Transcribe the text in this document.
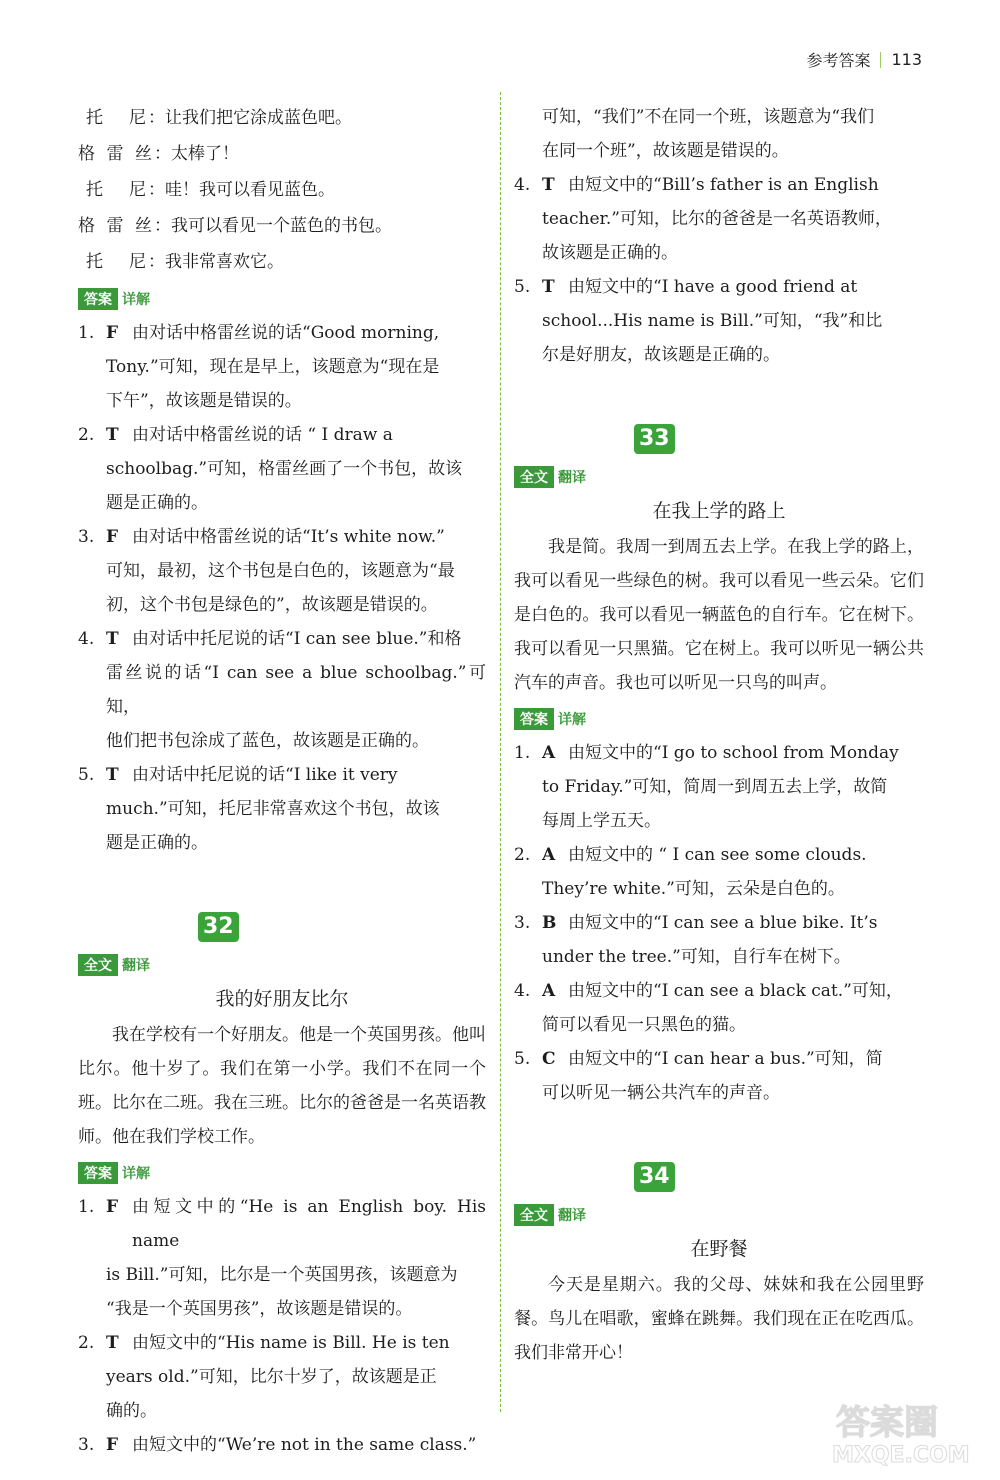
参考答案 113
托尼 ：让我们把它涂成蓝色吧。
格雷丝 ：太棒了！
托尼 ：哇！我可以看见蓝色。
格雷丝 ：我可以看见一个蓝色的书包。
托尼 ：我非常喜欢它。
答案 详解
1. F 由对话中格雷丝说的话“Good morning,
Tony.”可知，现在是早上，该题意为“现在是
下午”，故该题是错误的。
2. T 由对话中格雷丝说的话 “ I draw a
schoolbag.”可知，格雷丝画了一个书包，故该
题是正确的。
3. F 由对话中格雷丝说的话“It’s white now.”
可知，最初，这个书包是白色的，该题意为“最
初，这个书包是绿色的”，故该题是错误的。
4. T 由对话中托尼说的话“I can see blue.”和格
雷丝说的话“I can see a blue schoolbag.”可知，
他们把书包涂成了蓝色，故该题是正确的。
5. T 由对话中托尼说的话“I like it very
much.”可知，托尼非常喜欢这个书包，故该
题是正确的。
32
全文 翻译
我的好朋友比尔

我在学校有一个好朋友。他是一个英国男孩。他叫比尔。他十岁了。我们在第一小学。我们不在同一个班。比尔在二班。我在三班。比尔的爸爸是一名英语教师。他在我们学校工作。

答案 详解
1. F 由短文中的“He is an English boy. His name
is Bill.”可知，比尔是一个英国男孩，该题意为
“我是一个英国男孩”，故该题是错误的。
2. T 由短文中的“His name is Bill. He is ten
years old.”可知，比尔十岁了，故该题是正
确的。
3. F 由短文中的“We’re not in the same class.”
可知，“我们”不在同一个班，该题意为“我们
在同一个班”，故该题是错误的。
4. T 由短文中的“Bill’s father is an English
teacher.”可知，比尔的爸爸是一名英语教师，
故该题是正确的。
5. T 由短文中的“I have a good friend at
school...His name is Bill.”可知，“我”和比
尔是好朋友，故该题是正确的。
33
全文 翻译
在我上学的路上

我是简。我周一到周五去上学。在我上学的路上，我可以看见一些绿色的树。我可以看见一些云朵。它们是白色的。我可以看见一辆蓝色的自行车。它在树下。我可以看见一只黑猫。它在树上。我可以听见一辆公共汽车的声音。我也可以听见一只鸟的叫声。

答案 详解
1. A 由短文中的“I go to school from Monday
to Friday.”可知，简周一到周五去上学，故简
每周上学五天。
2. A 由短文中的 “ I can see some clouds.
They’re white.”可知，云朵是白色的。
3. B 由短文中的“I can see a blue bike. It’s
under the tree.”可知，自行车在树下。
4. A 由短文中的“I can see a black cat.”可知，
简可以看见一只黑色的猫。
5. C 由短文中的“I can hear a bus.”可知，简
可以听见一辆公共汽车的声音。
34
全文 翻译
在野餐

今天是星期六。我的父母、妹妹和我在公园里野餐。鸟儿在唱歌，蜜蜂在跳舞。我们现在正在吃西瓜。我们非常开心！

答案圈
MXQE.COM
